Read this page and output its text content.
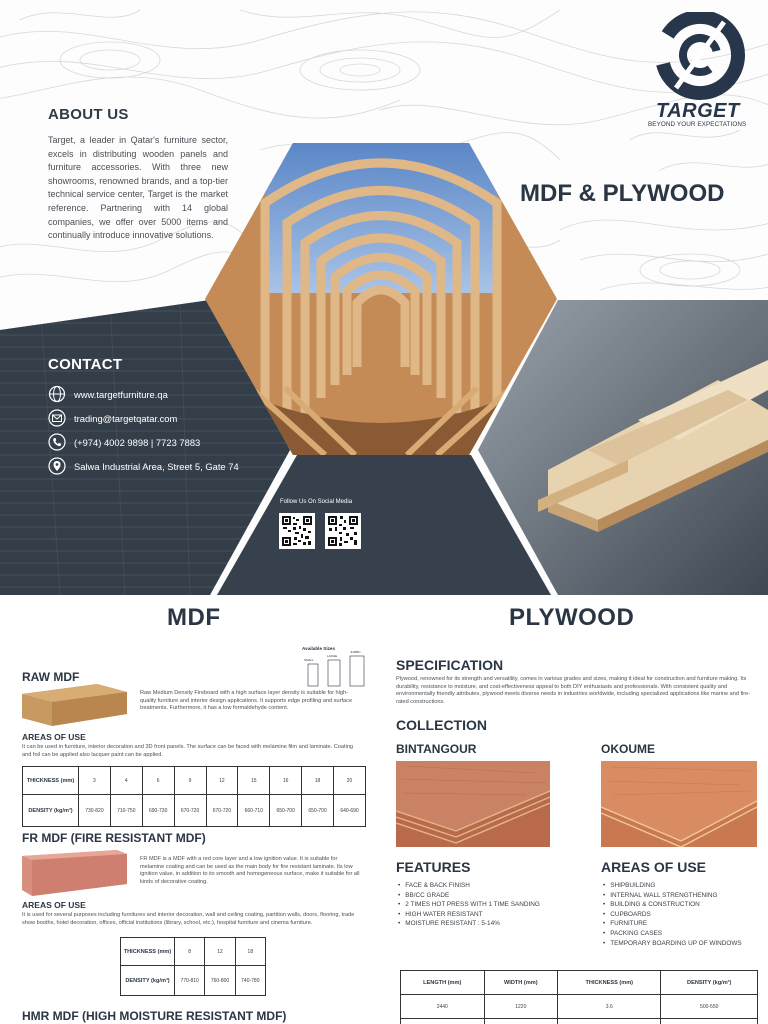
ABOUT US
Target, a leader in Qatar's furniture sector, excels in distributing wooden panels and furniture accessories. With three new showrooms, renowned brands, and a top-tier technical service center, Target is the market reference. Partnering with 14 global companies, we offer over 5000 items and continually introduce innovative solutions.
TARGET
BEYOND YOUR EXPECTATIONS
MDF & PLYWOOD
CONTACT
www.targetfurniture.qa
trading@targetqatar.com
(+974) 4002 9898 | 7723 7883
Salwa Industrial Area, Street 5, Gate 74
Follow Us On Social Media
MDF
Available Sizes
SMALL
LARGE
JUMBO
RAW MDF
Raw Medium Density Fireboard with a high surface layer density is suitable for high-quality furniture and interior design applications. It supports edge profiling and surface treatments. Furthermore, it has a low formaldehyde content.
AREAS OF USE
It can be used in furniture, interior decoration and 3D front panels. The surface can be faced with melamine film and laminate. Coating and foil can be applied also lacquer paint can be applied.
THICKNESS (mm)	3	4	6	9	12	15	16	18	20
DENSITY (kg/m³)	730-820	710-750	690-730	670-720	670-720	660-710	650-700	650-700	640-690
FR MDF (FIRE RESISTANT MDF)
FR MDF is a MDF with a red core layer and a low ignition value. It is suitable for melamine coating and can be used as the main body for fire resistant laminate. Its low ignition value, in addition to its smooth and homogeneous surface, make it suitable for all kinds of decorative coating.
AREAS OF USE
It is used for several purposes including furnitures and interior decoration, wall and ceiling coating, partition walls, doors, flooring, trade show booths, hotel decoration, offices, official institutions (library, school, etc.), hospital furniture and cinema furniture.
THICKNESS (mm)	8	12	18
DENSITY (kg/m³)	770-810	760-800	740-780
HMR MDF (HIGH MOISTURE RESISTANT MDF)
PLYWOOD
SPECIFICATION
Plywood, renowned for its strength and versatility, comes in various grades and sizes, making it ideal for construction and furniture making. Its durability, resistance to moisture, and cost-effectiveness appeal to both DIY enthusiasts and professionals. With consistent quality and environmentally friendly attributes, plywood meets diverse needs in industries worldwide, including specialized applications like marine and fire-rated constructions.
COLLECTION
BINTANGOUR	OKOUME
FEATURES
• FACE & BACK FINISH
• BB/CC GRADE
• 2 TIMES HOT PRESS WITH 1 TIME SANDING
• HIGH WATER RESISTANT
• MOISTURE RESISTANT : 5-14%
AREAS OF USE
• SHIPBUILDING
• INTERNAL WALL STRENGTHENING
• BUILDING & CONSTRUCTION
• CUPBOARDS
• FURNITURE
• PACKING CASES
• TEMPORARY BOARDING UP OF WINDOWS
LENGTH (mm)	WIDTH (mm)	THICKNESS (mm)	DENSITY (kg/m³)
2440	1220	3.6	500-550
